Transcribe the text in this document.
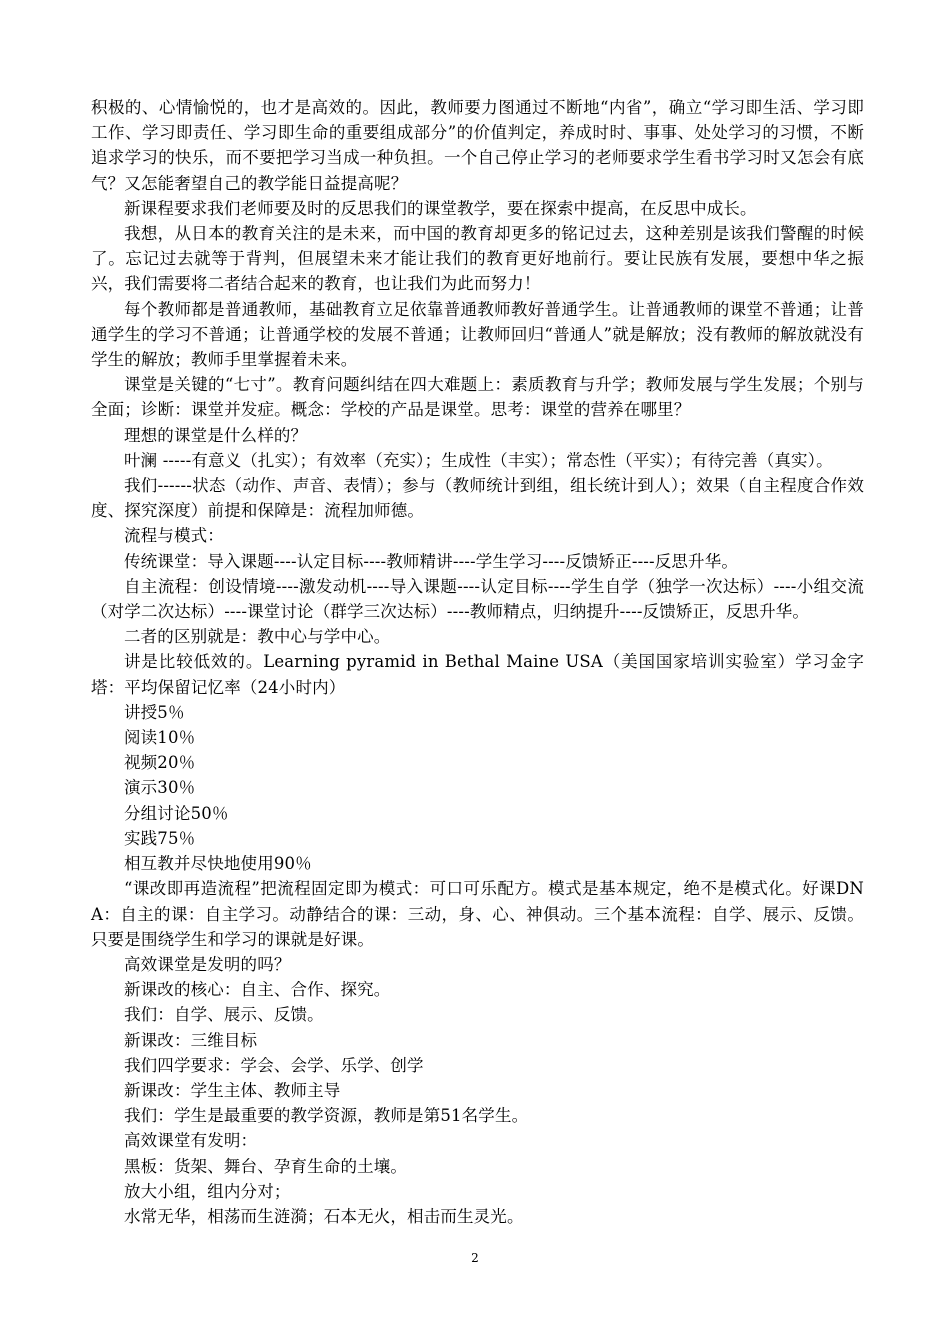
积极的、心情愉悦的，也才是高效的。因此，教师要力图通过不断地“内省”，确立“学习即生活、学习即工作、学习即责任、学习即生命的重要组成部分”的价值判定，养成时时、事事、处处学习的习惯，不断追求学习的快乐，而不要把学习当成一种负担。一个自己停止学习的老师要求学生看书学习时又怎会有底气？又怎能奢望自己的教学能日益提高呢？

新课程要求我们老师要及时的反思我们的课堂教学，要在探索中提高，在反思中成长。

我想，从日本的教育关注的是未来，而中国的教育却更多的铭记过去，这种差别是该我们警醒的时候了。忘记过去就等于背判，但展望未来才能让我们的教育更好地前行。要让民族有发展，要想中华之振兴，我们需要将二者结合起来的教育，也让我们为此而努力！

每个教师都是普通教师，基础教育立足依靠普通教师教好普通学生。让普通教师的课堂不普通；让普通学生的学习不普通；让普通学校的发展不普通；让教师回归“普通人”就是解放；没有教师的解放就没有学生的解放；教师手里掌握着未来。

课堂是关键的“七寸”。教育问题纠结在四大难题上：素质教育与升学；教师发展与学生发展；个别与全面；诊断：课堂并发症。概念：学校的产品是课堂。思考：课堂的营养在哪里？

理想的课堂是什么样的？

叶澜 -----有意义（扎实）；有效率（充实）；生成性（丰实）；常态性（平实）；有待完善（真实）。

我们------状态（动作、声音、表情）；参与（教师统计到组，组长统计到人）；效果（自主程度合作效度、探究深度）前提和保障是：流程加师德。

流程与模式：

传统课堂：导入课题----认定目标----教师精讲----学生学习----反馈矫正----反思升华。

自主流程：创设情境----激发动机----导入课题----认定目标----学生自学（独学一次达标）----小组交流（对学二次达标）----课堂讨论（群学三次达标）----教师精点，归纳提升----反馈矫正，反思升华。

二者的区别就是：教中心与学中心。

讲是比较低效的。Learning pyramid in Bethal Maine USA（美国国家培训实验室）学习金字塔：平均保留记忆率（24小时内）

讲授5％

阅读10％

视频20％

演示30％

分组讨论50％

实践75％

相互教并尽快地使用90％

“课改即再造流程”把流程固定即为模式：可口可乐配方。模式是基本规定，绝不是模式化。好课DNA：自主的课：自主学习。动静结合的课：三动，身、心、神俱动。三个基本流程：自学、展示、反馈。只要是围绕学生和学习的课就是好课。

高效课堂是发明的吗？

新课改的核心：自主、合作、探究。

我们：自学、展示、反馈。

新课改：三维目标

我们四学要求：学会、会学、乐学、创学

新课改：学生主体、教师主导

我们：学生是最重要的教学资源，教师是第51名学生。

高效课堂有发明：

黑板：货架、舞台、孕育生命的土壤。

放大小组，组内分对；

水常无华，相荡而生涟漪；石本无火，相击而生灵光。

2
